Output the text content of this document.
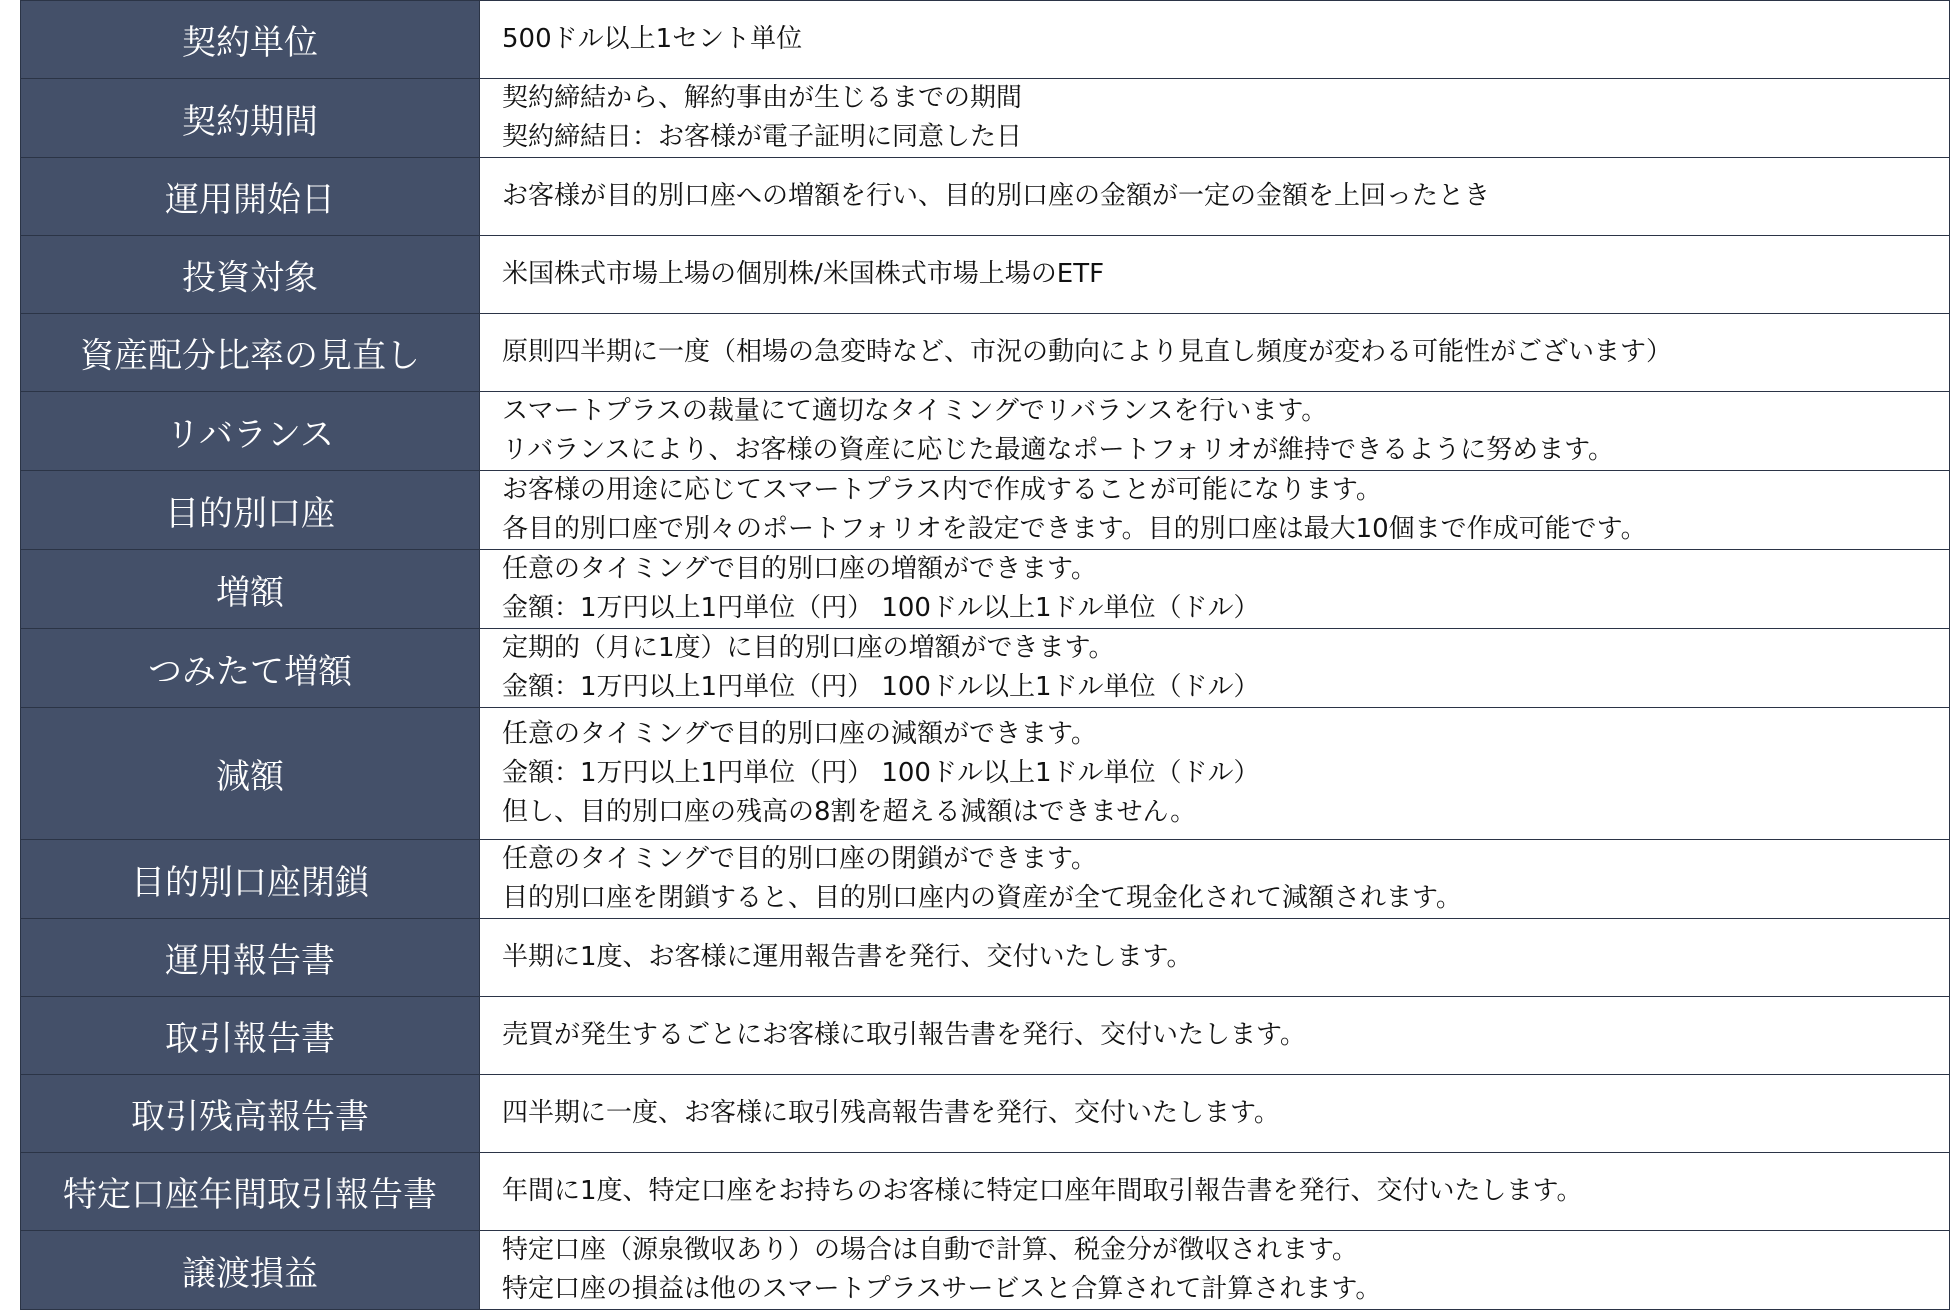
契約単位	500ドル以上1セント単位

契約期間	契約締結から、解約事由が生じるまでの期間
契約締結日：お客様が電子証明に同意した日

運用開始日	お客様が目的別口座への増額を行い、目的別口座の金額が一定の金額を上回ったとき

投資対象	米国株式市場上場の個別株/米国株式市場上場のETF

資産配分比率の見直し	原則四半期に一度（相場の急変時など、市況の動向により見直し頻度が変わる可能性がございます）

リバランス	スマートプラスの裁量にて適切なタイミングでリバランスを行います。
リバランスにより、お客様の資産に応じた最適なポートフォリオが維持できるように努めます。

目的別口座	お客様の用途に応じてスマートプラス内で作成することが可能になります。
各目的別口座で別々のポートフォリオを設定できます。目的別口座は最大10個まで作成可能です。

増額	任意のタイミングで目的別口座の増額ができます。
金額：1万円以上1円単位（円） 100ドル以上1ドル単位（ドル）

つみたて増額	定期的（月に1度）に目的別口座の増額ができます。
金額：1万円以上1円単位（円） 100ドル以上1ドル単位（ドル）

減額	任意のタイミングで目的別口座の減額ができます。
金額：1万円以上1円単位（円） 100ドル以上1ドル単位（ドル）
但し、目的別口座の残高の8割を超える減額はできません。

目的別口座閉鎖	任意のタイミングで目的別口座の閉鎖ができます。
目的別口座を閉鎖すると、目的別口座内の資産が全て現金化されて減額されます。

運用報告書	半期に1度、お客様に運用報告書を発行、交付いたします。

取引報告書	売買が発生するごとにお客様に取引報告書を発行、交付いたします。

取引残高報告書	四半期に一度、お客様に取引残高報告書を発行、交付いたします。

特定口座年間取引報告書	年間に1度、特定口座をお持ちのお客様に特定口座年間取引報告書を発行、交付いたします。

譲渡損益	特定口座（源泉徴収あり）の場合は自動で計算、税金分が徴収されます。
特定口座の損益は他のスマートプラスサービスと合算されて計算されます。
